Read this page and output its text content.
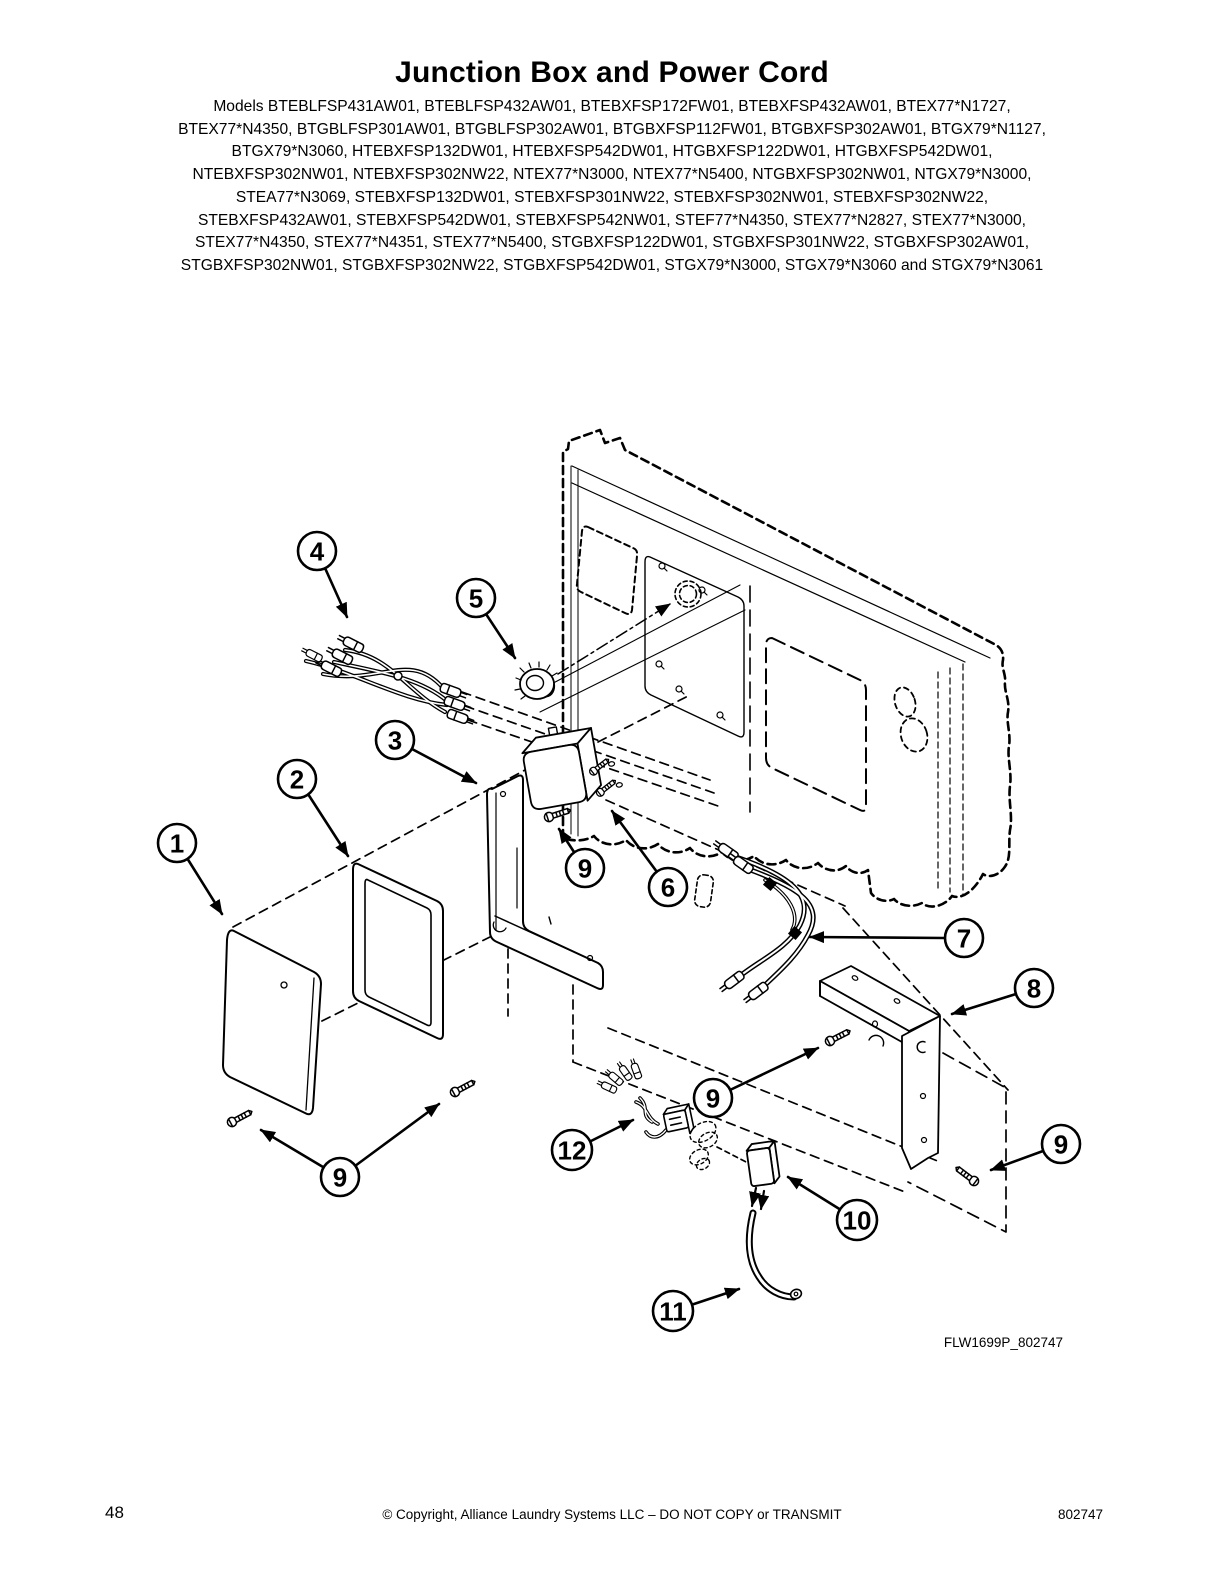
Junction Box and Power Cord
Models BTEBLFSP431AW01, BTEBLFSP432AW01, BTEBXFSP172FW01, BTEBXFSP432AW01, BTEX77*N1727,
BTEX77*N4350, BTGBLFSP301AW01, BTGBLFSP302AW01, BTGBXFSP112FW01, BTGBXFSP302AW01, BTGX79*N1127,
BTGX79*N3060, HTEBXFSP132DW01, HTEBXFSP542DW01, HTGBXFSP122DW01, HTGBXFSP542DW01,
NTEBXFSP302NW01, NTEBXFSP302NW22, NTEX77*N3000, NTEX77*N5400, NTGBXFSP302NW01, NTGX79*N3000,
STEA77*N3069, STEBXFSP132DW01, STEBXFSP301NW22, STEBXFSP302NW01, STEBXFSP302NW22,
STEBXFSP432AW01, STEBXFSP542DW01, STEBXFSP542NW01, STEF77*N4350, STEX77*N2827, STEX77*N3000,
STEX77*N4350, STEX77*N4351, STEX77*N5400, STGBXFSP122DW01, STGBXFSP301NW22, STGBXFSP302AW01,
STGBXFSP302NW01, STGBXFSP302NW22, STGBXFSP542DW01, STGX79*N3000, STGX79*N3060 and STGX79*N3061
1
2
3
4
5
6
7
8
9
9
9
9
10
11
12
FLW1699P_802747
48	© Copyright, Alliance Laundry Systems LLC – DO NOT COPY or TRANSMIT	802747
